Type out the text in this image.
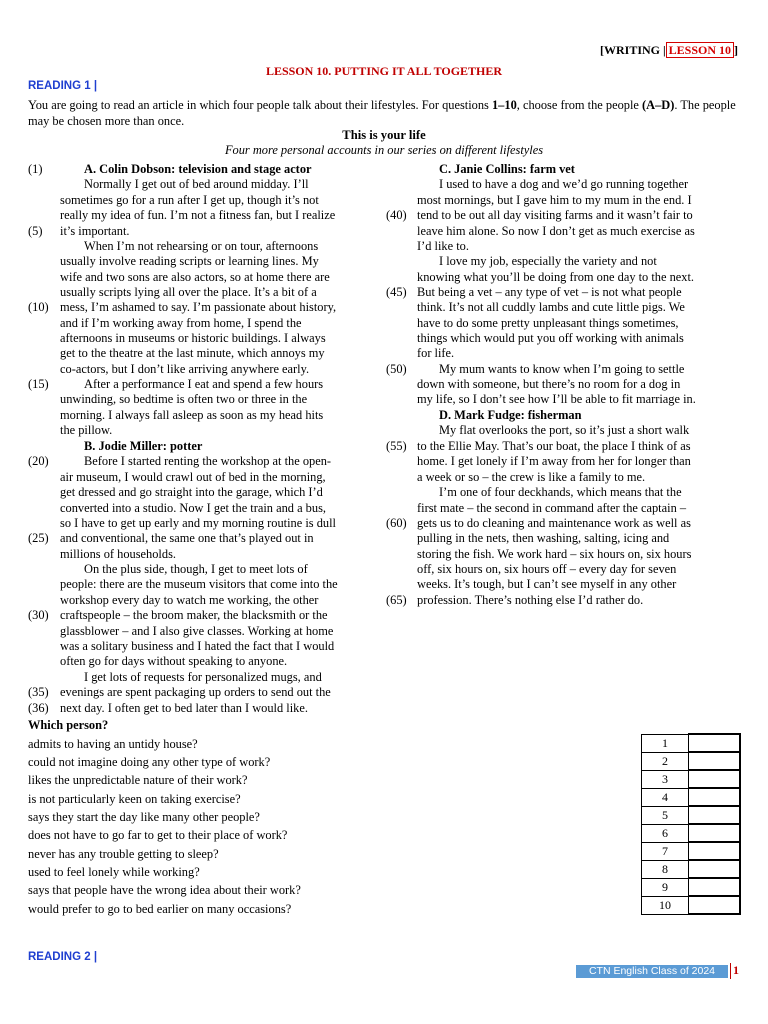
[WRITING | LESSON 10 ]
LESSON 10. PUTTING IT ALL TOGETHER
READING 1 |
You are going to read an article in which four people talk about their lifestyles. For questions 1–10, choose from the people (A–D). The people may be chosen more than once.
This is your life
Four more personal accounts in our series on different lifestyles
A. Colin Dobson: television and stage actor
Normally I get out of bed around midday. I’ll
sometimes go for a run after I get up, though it’s not
really my idea of fun. I’m not a fitness fan, but I realize
it’s important.
When I’m not rehearsing or on tour, afternoons
usually involve reading scripts or learning lines. My
wife and two sons are also actors, so at home there are
usually scripts lying all over the place. It’s a bit of a
mess, I’m ashamed to say. I’m passionate about history,
and if I’m working away from home, I spend the
afternoons in museums or historic buildings. I always
get to the theatre at the last minute, which annoys my
co-actors, but I don’t like arriving anywhere early.
After a performance I eat and spend a few hours
unwinding, so bedtime is often two or three in the
morning. I always fall asleep as soon as my head hits
the pillow.
B. Jodie Miller: potter
Before I started renting the workshop at the open-
air museum, I would crawl out of bed in the morning,
get dressed and go straight into the garage, which I’d
converted into a studio. Now I get the train and a bus,
so I have to get up early and my morning routine is dull
and conventional, the same one that’s played out in
millions of households.
On the plus side, though, I get to meet lots of
people: there are the museum visitors that come into the
workshop every day to watch me working, the other
craftspeople – the broom maker, the blacksmith or the
glassblower – and I also give classes. Working at home
was a solitary business and I hated the fact that I would
often go for days without speaking to anyone.
I get lots of requests for personalized mugs, and
evenings are spent packaging up orders to send out the
next day. I often get to bed later than I would like.
(1)
(5)
(10)
(15)
(20)
(25)
(30)
(35)
(36)
C. Janie Collins: farm vet
I used to have a dog and we’d go running together
most mornings, but I gave him to my mum in the end. I
tend to be out all day visiting farms and it wasn’t fair to
leave him alone. So now I don’t get as much exercise as
I’d like to.
I love my job, especially the variety and not
knowing what you’ll be doing from one day to the next.
But being a vet – any type of vet – is not what people
think. It’s not all cuddly lambs and cute little pigs. We
have to do some pretty unpleasant things sometimes,
things which would put you off working with animals
for life.
My mum wants to know when I’m going to settle
down with someone, but there’s no room for a dog in
my life, so I don’t see how I’ll be able to fit marriage in.
D. Mark Fudge: fisherman
My flat overlooks the port, so it’s just a short walk
to the Ellie May. That’s our boat, the place I think of as
home. I get lonely if I’m away from her for longer than
a week or so – the crew is like a family to me.
I’m one of four deckhands, which means that the
first mate – the second in command after the captain –
gets us to do cleaning and maintenance work as well as
pulling in the nets, then washing, salting, icing and
storing the fish. We work hard – six hours on, six hours
off, six hours on, six hours off – every day for seven
weeks. It’s tough, but I can’t see myself in any other
profession. There’s nothing else I’d rather do.
(40)
(45)
(50)
(55)
(60)
(65)
Which person?
admits to having an untidy house?
could not imagine doing any other type of work?
likes the unpredictable nature of their work?
is not particularly keen on taking exercise?
says they start the day like many other people?
does not have to go far to get to their place of work?
never has any trouble getting to sleep?
used to feel lonely while working?
says that people have the wrong idea about their work?
would prefer to go to bed earlier on many occasions?
1	
2	
3	
4	
5	
6	
7	
8	
9	
10	
READING 2 |
CTN English Class of 2024	1
